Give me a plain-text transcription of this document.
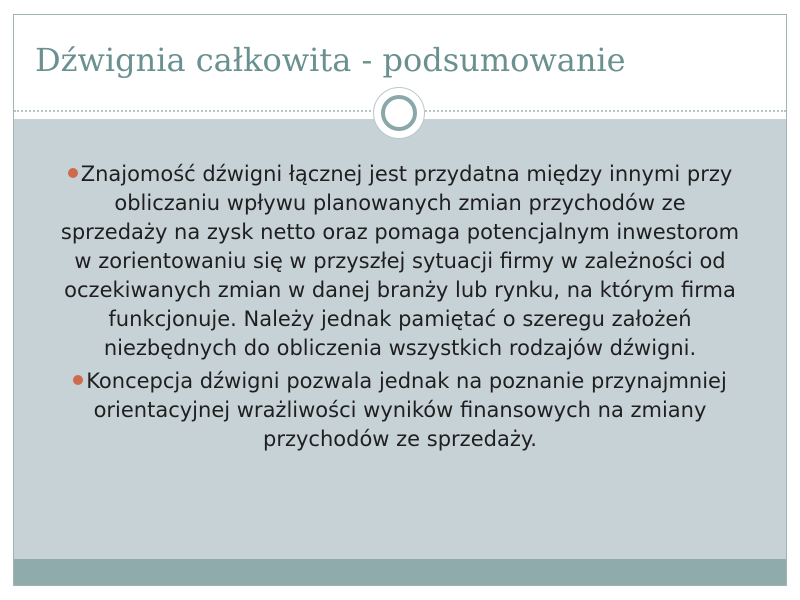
Dźwignia całkowita - podsumowanie
Znajomość dźwigni łącznej jest przydatna między innymi przy obliczaniu wpływu planowanych zmian przychodów ze sprzedaży na zysk netto oraz pomaga potencjalnym inwestorom w zorientowaniu się w przyszłej sytuacji firmy w zależności od oczekiwanych zmian w danej branży lub rynku, na którym firma funkcjonuje. Należy jednak pamiętać o szeregu założeń niezbędnych do obliczenia wszystkich rodzajów dźwigni.
Koncepcja dźwigni pozwala jednak na poznanie przynajmniej orientacyjnej wrażliwości wyników finansowych na zmiany przychodów ze sprzedaży.
